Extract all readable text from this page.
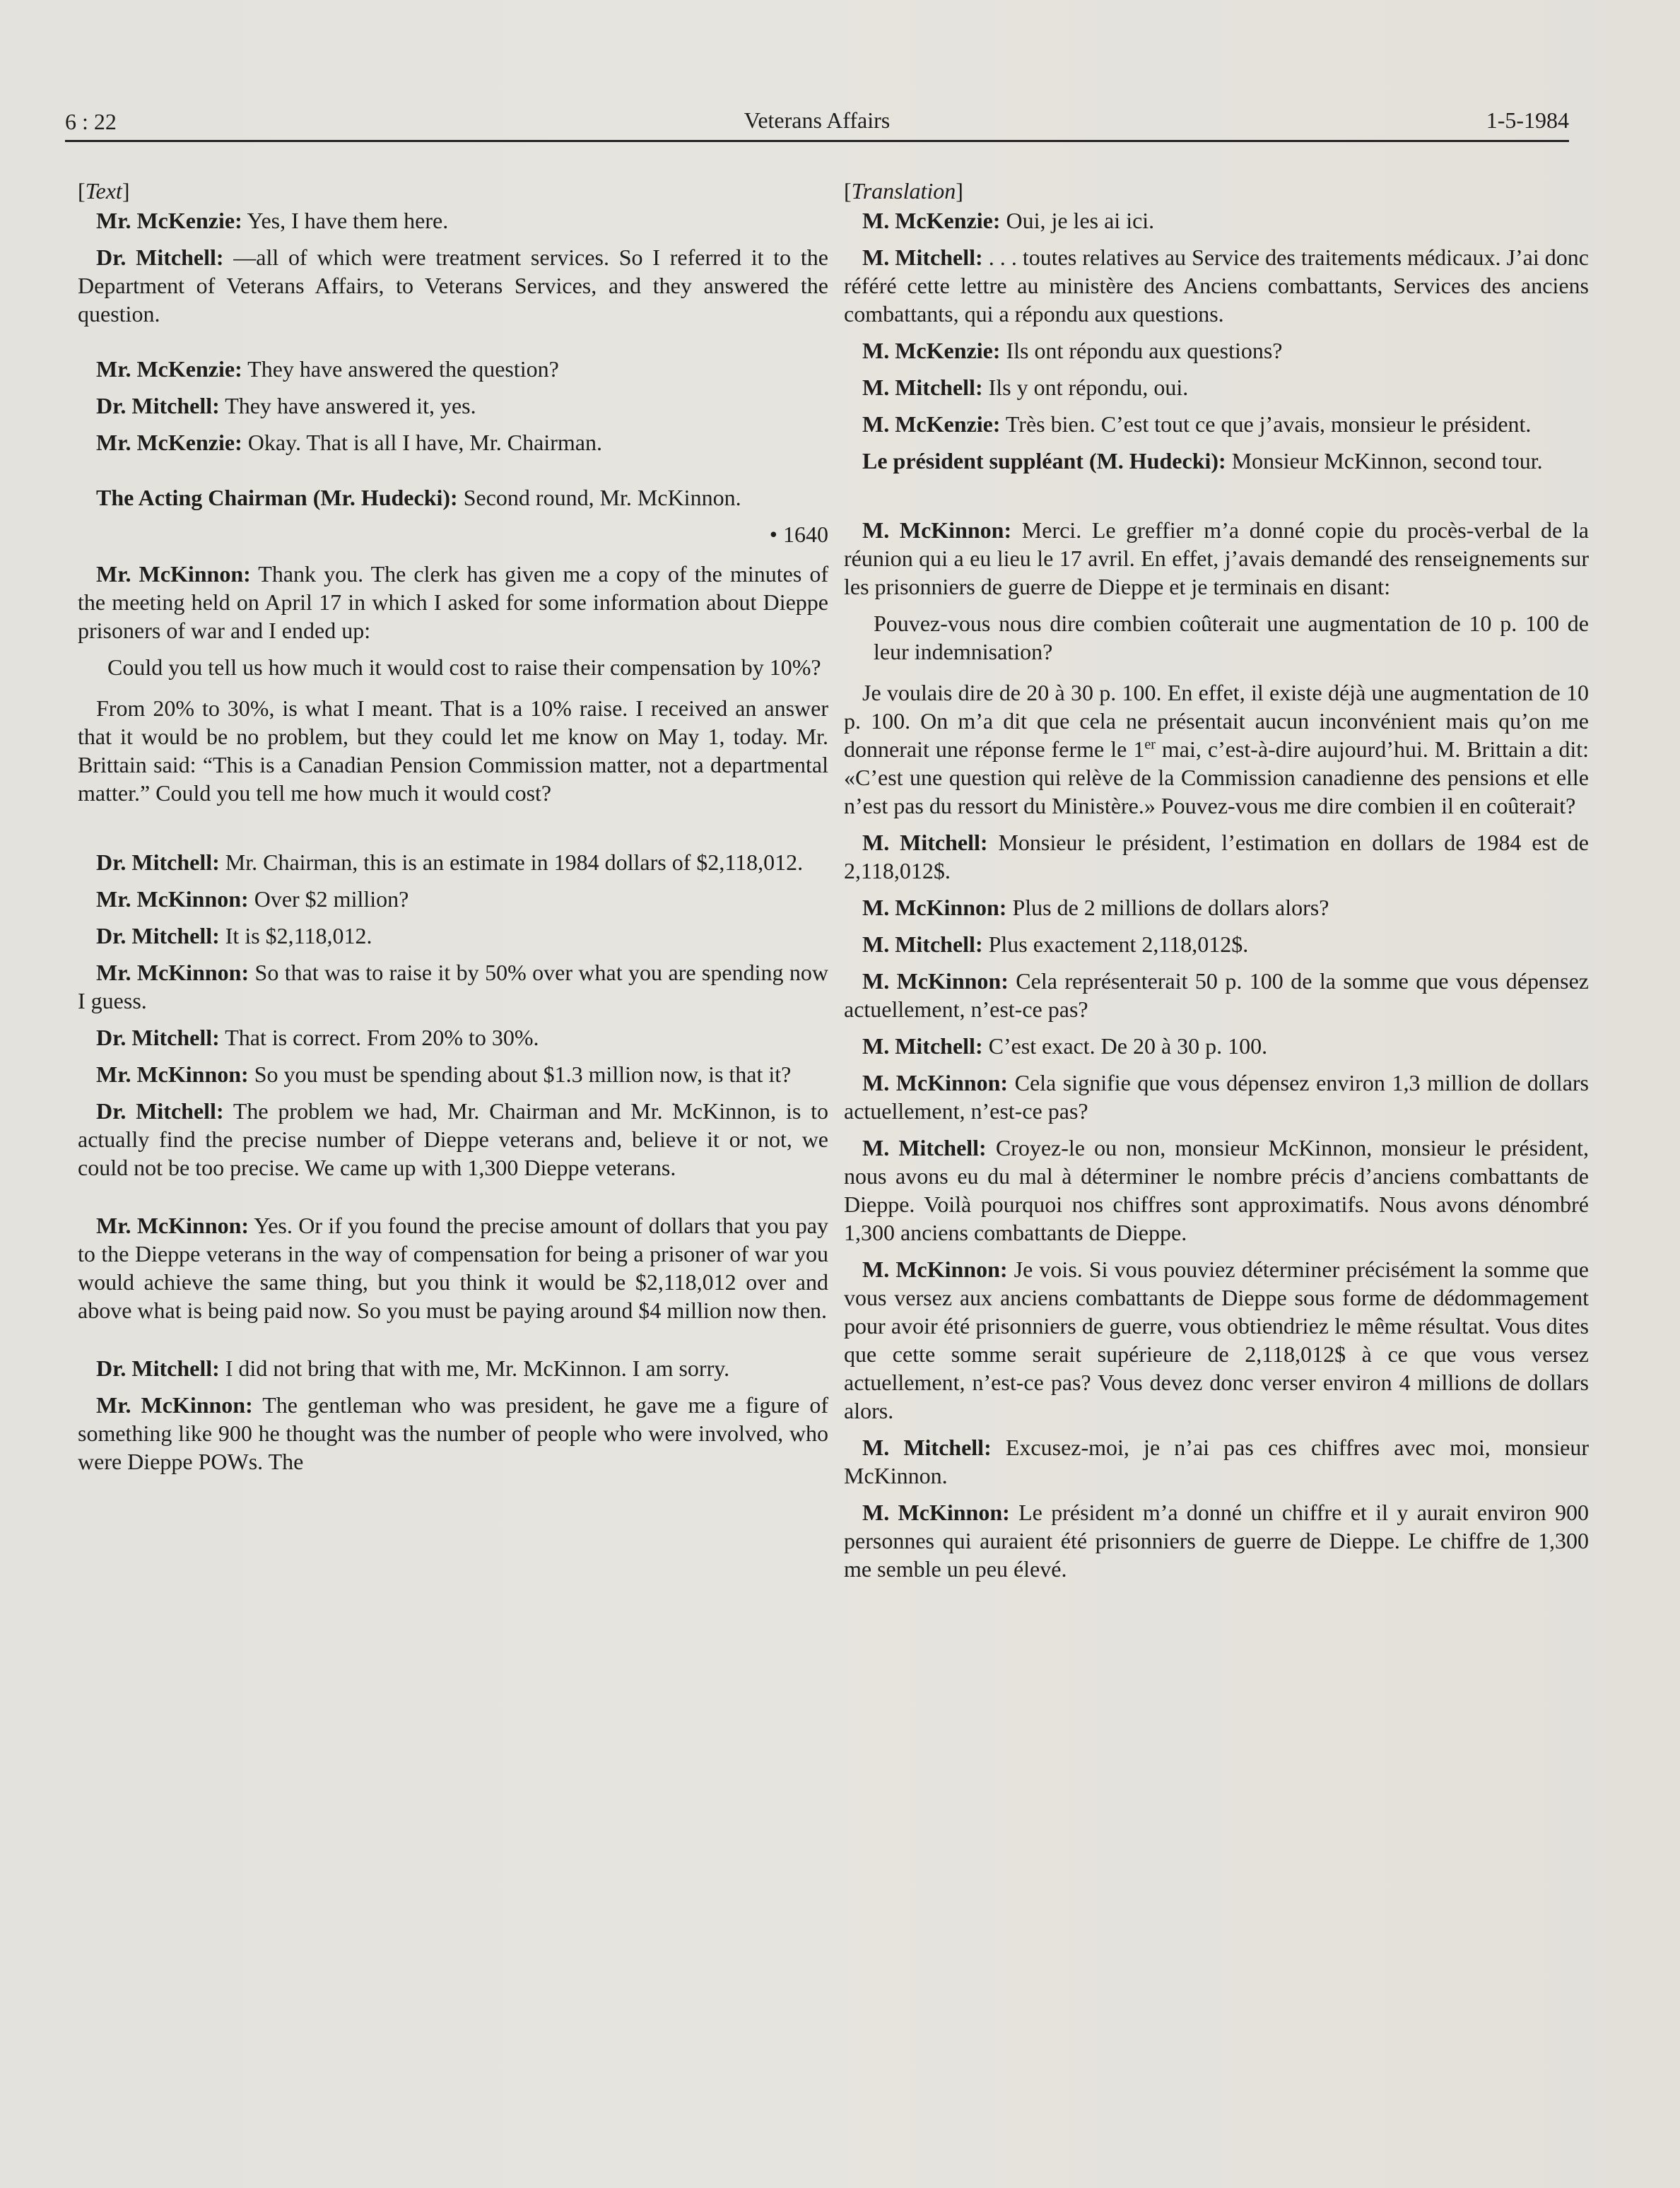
6 : 22	Veterans Affairs	1-5-1984

[Text]

Mr. McKenzie: Yes, I have them here.

Dr. Mitchell: —all of which were treatment services. So I referred it to the Department of Veterans Affairs, to Veterans Services, and they answered the question.

Mr. McKenzie: They have answered the question?

Dr. Mitchell: They have answered it, yes.

Mr. McKenzie: Okay. That is all I have, Mr. Chairman.

The Acting Chairman (Mr. Hudecki): Second round, Mr. McKinnon.

• 1640

Mr. McKinnon: Thank you. The clerk has given me a copy of the minutes of the meeting held on April 17 in which I asked for some information about Dieppe prisoners of war and I ended up:

Could you tell us how much it would cost to raise their compensation by 10%?

From 20% to 30%, is what I meant. That is a 10% raise. I received an answer that it would be no problem, but they could let me know on May 1, today. Mr. Brittain said: “This is a Canadian Pension Commission matter, not a departmental matter.” Could you tell me how much it would cost?

Dr. Mitchell: Mr. Chairman, this is an estimate in 1984 dollars of $2,118,012.

Mr. McKinnon: Over $2 million?

Dr. Mitchell: It is $2,118,012.

Mr. McKinnon: So that was to raise it by 50% over what you are spending now I guess.

Dr. Mitchell: That is correct. From 20% to 30%.

Mr. McKinnon: So you must be spending about $1.3 million now, is that it?

Dr. Mitchell: The problem we had, Mr. Chairman and Mr. McKinnon, is to actually find the precise number of Dieppe veterans and, believe it or not, we could not be too precise. We came up with 1,300 Dieppe veterans.

Mr. McKinnon: Yes. Or if you found the precise amount of dollars that you pay to the Dieppe veterans in the way of compensation for being a prisoner of war you would achieve the same thing, but you think it would be $2,118,012 over and above what is being paid now. So you must be paying around $4 million now then.

Dr. Mitchell: I did not bring that with me, Mr. McKinnon. I am sorry.

Mr. McKinnon: The gentleman who was president, he gave me a figure of something like 900 he thought was the number of people who were involved, who were Dieppe POWs. The

[Translation]

M. McKenzie: Oui, je les ai ici.

M. Mitchell: . . . toutes relatives au Service des traitements médicaux. J’ai donc référé cette lettre au ministère des Anciens combattants, Services des anciens combattants, qui a répondu aux questions.

M. McKenzie: Ils ont répondu aux questions?

M. Mitchell: Ils y ont répondu, oui.

M. McKenzie: Très bien. C’est tout ce que j’avais, monsieur le président.

Le président suppléant (M. Hudecki): Monsieur McKinnon, second tour.

M. McKinnon: Merci. Le greffier m’a donné copie du procès-verbal de la réunion qui a eu lieu le 17 avril. En effet, j’avais demandé des renseignements sur les prisonniers de guerre de Dieppe et je terminais en disant:

Pouvez-vous nous dire combien coûterait une augmentation de 10 p. 100 de leur indemnisation?

Je voulais dire de 20 à 30 p. 100. En effet, il existe déjà une augmentation de 10 p. 100. On m’a dit que cela ne présentait aucun inconvénient mais qu’on me donnerait une réponse ferme le 1er mai, c’est-à-dire aujourd’hui. M. Brittain a dit: «C’est une question qui relève de la Commission canadienne des pensions et elle n’est pas du ressort du Ministère.» Pouvez-vous me dire combien il en coûterait?

M. Mitchell: Monsieur le président, l’estimation en dollars de 1984 est de 2,118,012$.

M. McKinnon: Plus de 2 millions de dollars alors?

M. Mitchell: Plus exactement 2,118,012$.

M. McKinnon: Cela représenterait 50 p. 100 de la somme que vous dépensez actuellement, n’est-ce pas?

M. Mitchell: C’est exact. De 20 à 30 p. 100.

M. McKinnon: Cela signifie que vous dépensez environ 1,3 million de dollars actuellement, n’est-ce pas?

M. Mitchell: Croyez-le ou non, monsieur McKinnon, monsieur le président, nous avons eu du mal à déterminer le nombre précis d’anciens combattants de Dieppe. Voilà pourquoi nos chiffres sont approximatifs. Nous avons dénombré 1,300 anciens combattants de Dieppe.

M. McKinnon: Je vois. Si vous pouviez déterminer précisément la somme que vous versez aux anciens combattants de Dieppe sous forme de dédommagement pour avoir été prisonniers de guerre, vous obtiendriez le même résultat. Vous dites que cette somme serait supérieure de 2,118,012$ à ce que vous versez actuellement, n’est-ce pas? Vous devez donc verser environ 4 millions de dollars alors.

M. Mitchell: Excusez-moi, je n’ai pas ces chiffres avec moi, monsieur McKinnon.

M. McKinnon: Le président m’a donné un chiffre et il y aurait environ 900 personnes qui auraient été prisonniers de guerre de Dieppe. Le chiffre de 1,300 me semble un peu élevé.
